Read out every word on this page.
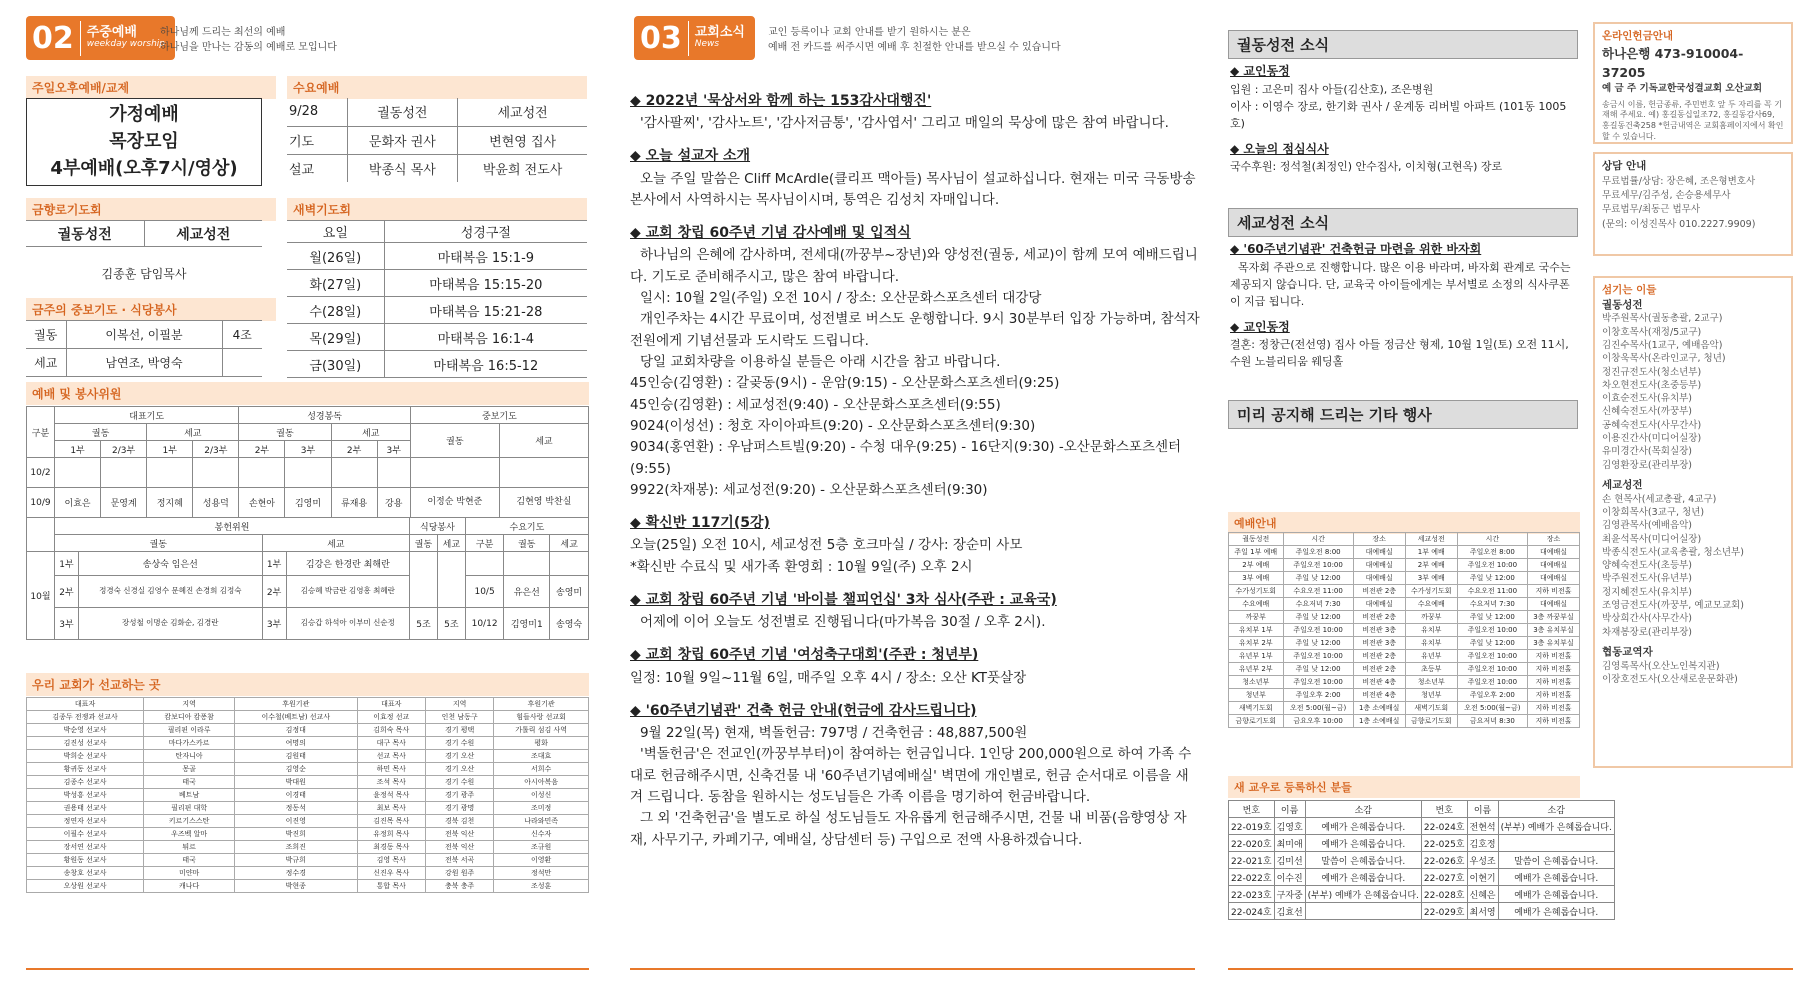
02	주중예배
weekday worship
하나님께 드리는 최선의 예배
하나님을 만나는 감동의 예배로 모입니다
주일오후예배/교제
가정예배
목장모임
4부예배(오후7시/영상)
수요예배
9/28	궐동성전	세교성전
기도	문화자 권사	변현영 집사
설교	박종식 목사	박윤희 전도사
금향로기도회
궐동성전	세교성전
김종훈 담임목사
새벽기도회
요일	성경구절
월(26일)	마태복음 15:1-9
화(27일)	마태복음 15:15-20
수(28일)	마태복음 15:21-28
목(29일)	마태복음 16:1-4
금(30일)	마태복음 16:5-12
금주의 중보기도 · 식당봉사
궐동	이복선, 이필분	4조
세교	남연조, 박영숙	
예배 및 봉사위원
구분	대표기도				성경봉독				중보기도	
	궐동		세교		궐동		세교		궐동	세교
	1부	2/3부	1부	2/3부	2부	3부	2부	3부		
10/2										
10/9	이효은	문영계	정지혜	성용덕	손현아	김영미	류재용	강용	이정순 박현준	김현영 박찬실
	봉헌위원				식당봉사		수요기도		
	궐동		세교		궐동	세교	구분	궐동	세교
10월	1부	송상숙 임은선	1부	김강은 한경란 최해란					
	2부	정경숙 신경실 김영수 문혜진 손경희 김정숙	2부	김승혜 박금란 김영흥 최혜란			10/5	유은선	송영미
	3부	장성철 이명순 김화순, 김경란	3부	김승갑 하석아 이부미 신순정	5조	5조	10/12	김영미1	송영숙
우리 교회가 선교하는 곳
대표자	지역	후원기관	대표자	지역	후원기관
김종두 전쟁과 선교사	캄보디아 캄퐁참	이수철(베트남) 선교사	이효정 선교	인천 남동구	힘들사랑 선교회
박순영 선교사	필리핀 이라루	김정대	김희숙 목사	경기 평택	가톨릭 섬김 사역
김진성 선교사	마다가스카르	여명의	대구 목사	경기 수원	평화
박희순 선교사	탄자니아	김원태	선교 목사	경기 오산	조대효
황귀동 선교사	몽골	김영순	하민 목사	경기 오산	서희수
김종수 선교사	태국	박대원	조석 목사	경기 수원	아시아복음
박성흥 선교사	베트남	이경태	윤정석 목사	경기 광주	이성신
권용태 선교사	필리핀 대학	정동석	최보 목사	경기 광명	조미정
정연자 선교사	키르기스스탄	이진영	김진목 목사	경북 김천	나라와민족
이필수 선교사	우즈벡 알마	박진희	유정희 목사	전북 익산	신수자
장서연 선교사	튀르	조희진	최경동 목사	전북 익산	조규원
황원동 선교사	태국	박규희	김영 목사	전북 서곡	이영환
송창호 선교사	미얀마	정수경	신진우 목사	강원 원주	정석만
오상원 선교사	캐나다	박현종	통합 목사	충북 충주	조성훈
03	교회소식
News
교인 등록이나 교회 안내를 받기 원하시는 분은
예배 전 카드를 써주시면 예배 후 친절한 안내를 받으실 수 있습니다
◆ 2022년 '묵상서와 함께 하는 153감사대행진'

'감사팔찌', '감사노트', '감사저금통', '감사엽서' 그리고 매일의 묵상에 많은 참여 바랍니다.

◆ 오늘 설교자 소개

오늘 주일 말씀은 Cliff McArdle(클리프 맥아들) 목사님이 설교하십니다. 현재는 미국 극동방송본사에서 사역하시는 목사님이시며, 통역은 김성치 자매입니다.

◆ 교회 창립 60주년 기념 감사예배 및 입적식

하나님의 은혜에 감사하며, 전세대(까꿍부~장년)와 양성전(궐동, 세교)이 함께 모여 예배드립니다. 기도로 준비해주시고, 많은 참여 바랍니다.

일시: 10월 2일(주일) 오전 10시 / 장소: 오산문화스포츠센터 대강당

개인주차는 4시간 무료이며, 성전별로 버스도 운행합니다. 9시 30분부터 입장 가능하며, 참석자 전원에게 기념선물과 도시락도 드립니다.

당일 교회차량을 이용하실 분들은 아래 시간을 참고 바랍니다.

45인승(김영환) : 갈곶동(9시) - 운암(9:15) - 오산문화스포츠센터(9:25)

45인승(김영환) : 세교성전(9:40) - 오산문화스포츠센터(9:55)

9024(이성선) : 청호 자이아파트(9:20) - 오산문화스포츠센터(9:30)

9034(홍연환) : 우남퍼스트빌(9:20) - 수청 대우(9:25) - 16단지(9:30) -오산문화스포츠센터(9:55)

9922(차재봉): 세교성전(9:20) - 오산문화스포츠센터(9:30)

◆ 확신반 117기(5강)

오늘(25일) 오전 10시, 세교성전 5층 호크마실 / 강사: 장순미 사모

*확신반 수료식 및 새가족 환영회 : 10월 9일(주) 오후 2시

◆ 교회 창립 60주년 기념 '바이블 챌피언십' 3차 심사(주관 : 교육국)

어제에 이어 오늘도 성전별로 진행됩니다(마가복음 30절 / 오후 2시).

◆ 교회 창립 60주년 기념 '여성축구대회'(주관 : 청년부)

일정: 10월 9일~11월 6일, 매주일 오후 4시 / 장소: 오산 KT풋살장

◆ '60주년기념관' 건축 헌금 안내(헌금에 감사드립니다)

9월 22일(목) 현재, 벽돌헌금: 797명 / 건축헌금 : 48,887,500원

'벽돌헌금'은 전교인(까꿍부부터)이 참여하는 헌금입니다. 1인당 200,000원으로 하여 가족 수대로 헌금해주시면, 신축건물 내 '60주년기념예배실' 벽면에 개인별로, 헌금 순서대로 이름을 새겨 드립니다. 동참을 원하시는 성도님들은 가족 이름을 명기하여 헌금바랍니다.

그 외 '건축헌금'을 별도로 하실 성도님들도 자유롭게 헌금해주시면, 건물 내 비품(음향영상 자재, 사무기구, 카페기구, 예배실, 상담센터 등) 구입으로 전액 사용하겠습니다.

궐동성전 소식
◆ 교인동정

입원 : 고은미 집사 아들(김산호), 조은병원

이사 : 이영수 장로, 한기화 권사 / 운계동 리버빌 아파트 (101동 1005호)

◆ 오늘의 점심식사

국수후원: 정석철(최정인) 안수집사, 이치형(고현옥) 장로

세교성전 소식
◆ '60주년기념관' 건축헌금 마련을 위한 바자회

목자회 주관으로 진행합니다. 많은 이용 바라며, 바자회 관계로 국수는 제공되지 않습니다. 단, 교육국 아이들에게는 부서별로 소정의 식사쿠폰이 지급 됩니다.

◆ 교인동정

결혼: 정창근(전선영) 집사 아들 정금산 형제, 10월 1일(토) 오전 11시, 수원 노블리티움 웨딩홀

미리 공지해 드리는 기타 행사
예배안내
궐동성전	시간	장소	세교성전	시간	장소
주일 1부 예배	주일오전 8:00	대예배실	1부 예배	주일오전 8:00	대예배실
2부 예배	주일오전 10:00	대예배실	2부 예배	주일오전 10:00	대예배실
3부 예배	주일 낮 12:00	대예배실	3부 예배	주일 낮 12:00	대예배실
수가성기도회	수요오전 11:00	비전관 2층	수가성기도회	수요오전 11:00	지하 비전홀
수요예배	수요저녁 7:30	대예배실	수요예배	수요저녁 7:30	대예배실
까꿍부	주일 낮 12:00	비전관 2층	까꿍부	주일 낮 12:00	3층 까꿍부실
유치부 1부	주일오전 10:00	비전관 3층	유치부	주일오전 10:00	3층 유치부실
유치부 2부	주일 낮 12:00	비전관 3층	유치부	주일 낮 12:00	3층 유치부실
유년부 1부	주일오전 10:00	비전관 2층	유년부	주일오전 10:00	지하 비전홀
유년부 2부	주일 낮 12:00	비전관 2층	초등부	주일오전 10:00	지하 비전홀
청소년부	주일오전 10:00	비전관 4층	청소년부	주일오전 10:00	지하 비전홀
청년부	주일오후 2:00	비전관 4층	청년부	주일오후 2:00	지하 비전홀
새벽기도회	오전 5:00(월~금)	1층 소예배실	새벽기도회	오전 5:00(월~금)	지하 비전홀
금향로기도회	금요오후 10:00	1층 소예배실	금향로기도회	금요저녁 8:30	지하 비전홀
새 교우로 등록하신 분들
번호	이름	소감	번호	이름	소감
22-019호	김영호	예배가 은혜롭습니다.	22-024호	전현석	(부부) 예배가 은혜롭습니다.
22-020호	최미애	예배가 은혜롭습니다.	22-025호	김호정	
22-021호	김미선	말씀이 은혜롭습니다.	22-026호	우성조	말씀이 은혜롭습니다.
22-022호	이수진	예배가 은혜롭습니다.	22-027호	이현기	예배가 은혜롭습니다.
22-023호	구자중	(부부) 예배가 은혜롭습니다.	22-028호	신혜은	예배가 은혜롭습니다.
22-024호	김효선		22-029호	최서영	예배가 은혜롭습니다.
온라인헌금안내
하나은행 473-910004-37205
예 금 주 기독교한국성결교회 오산교회
송금시 이름, 헌금종류, 주민번호 앞 두 자리를 꼭 기재해 주세요. 예) 홍길동십일조72, 홍길동감사69, 홍길동건축258 *헌금내역은 교회홈페이지에서 확인할 수 있습니다.
상담 안내
무료법률/상담: 장은혜, 조은형변호사
무료세무/김주성, 손승용세무사
무료법무/최동근 법무사
(문의: 이성진목사 010.2227.9909)
섬기는 이들
궐동성전
박주원목사(궐동총괄, 2교구)
이창호목사(재정/5교구)
김진수목사(1교구, 예배음악)
이창욱목사(온라인교구, 청년)
정진규전도사(청소년부)
차오현전도사(초중등부)
이효순전도사(유치부)
신혜숙전도사(까꿍부)
공혜숙전도사(사무간사)
이용진간사(미디어실장)
유미경간사(목회실장)
김영환장로(관리부장)
세교성전
손 현목사(세교총괄, 4교구)
이창희목사(3교구, 청년)
김영관목사(예배음악)
최윤석목사(미디어실장)
박종식전도사(교육총괄, 청소년부)
양혜숙전도사(초등부)
박주원전도사(유년부)
정지혜전도사(유치부)
조영금전도사(까꿍부, 예교모교회)
박상희간사(사무간사)
차재봉장로(관리부장)
협동교역자
김영록목사(오산노인복지관)
이장호전도사(오산새로운문화관)
